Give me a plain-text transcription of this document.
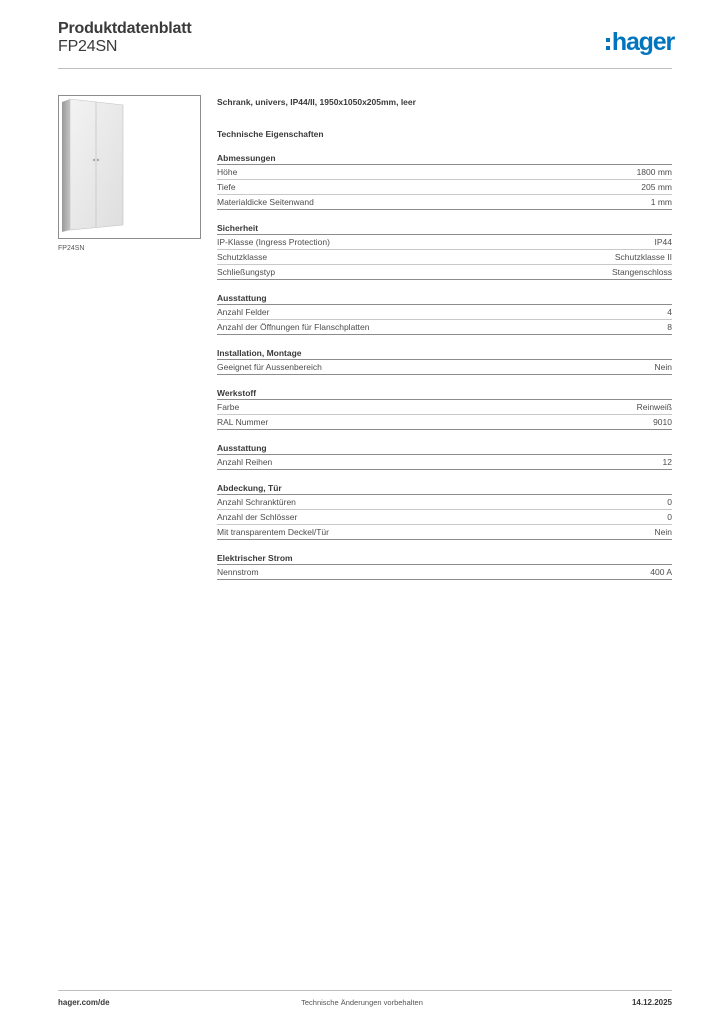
Produktdatenblatt
FP24SN	hager
FP24SN
Schrank, univers, IP44/II, 1950x1050x205mm, leer
Technische Eigenschaften
Abmessungen
Höhe	1800 mm
Tiefe	205 mm
Materialdicke Seitenwand	1 mm
Sicherheit
IP-Klasse (Ingress Protection)	IP44
Schutzklasse	Schutzklasse II
Schließungstyp	Stangenschloss
Ausstattung
Anzahl Felder	4
Anzahl der Öffnungen für Flanschplatten	8
Installation, Montage
Geeignet für Aussenbereich	Nein
Werkstoff
Farbe	Reinweiß
RAL Nummer	9010
Ausstattung
Anzahl Reihen	12
Abdeckung, Tür
Anzahl Schranktüren	0
Anzahl der Schlösser	0
Mit transparentem Deckel/Tür	Nein
Elektrischer Strom
Nennstrom	400 A
hager.com/de	Technische Änderungen vorbehalten	14.12.2025
